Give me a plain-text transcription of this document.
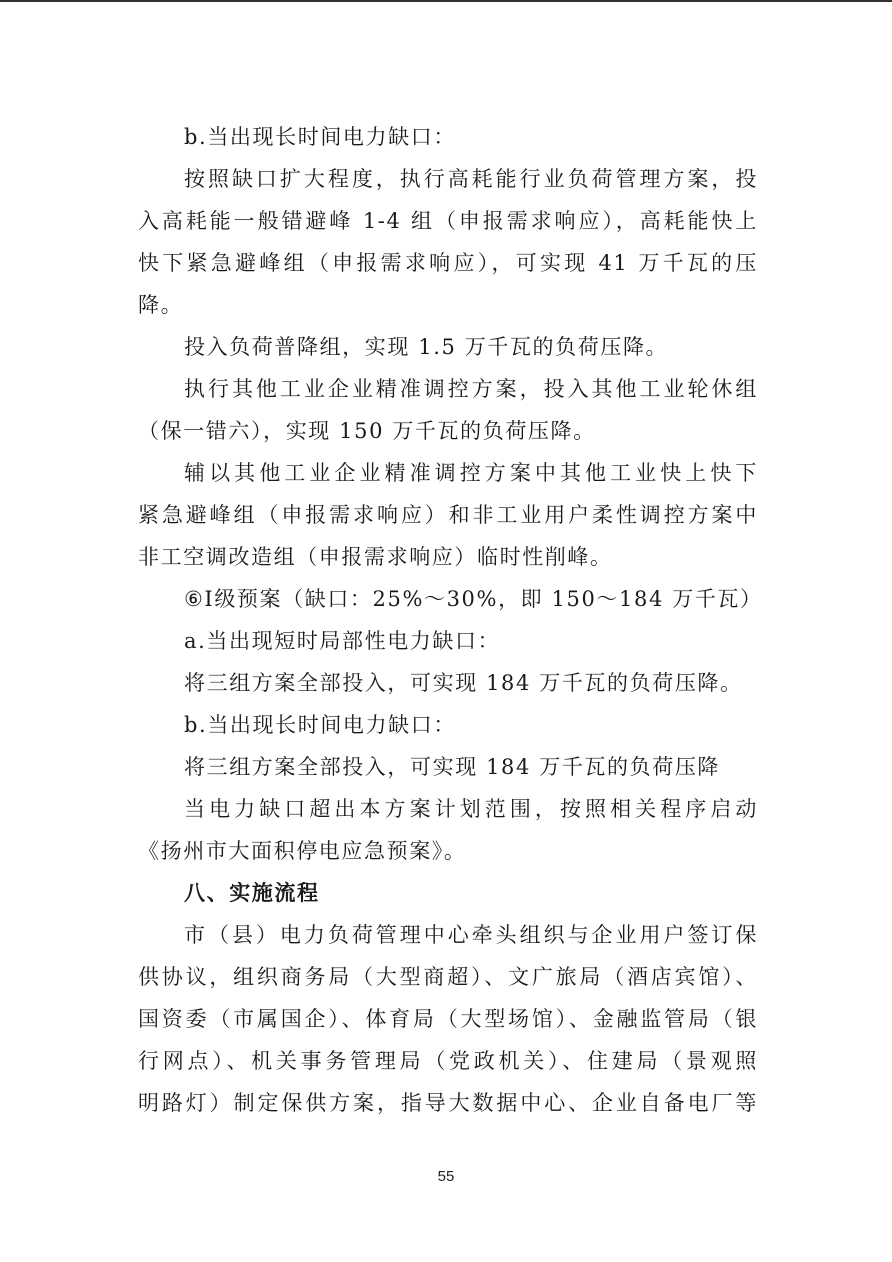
b.当出现长时间电力缺口：
按照缺口扩大程度，执行高耗能行业负荷管理方案，投
入高耗能一般错避峰 1-4 组（申报需求响应），高耗能快上
快下紧急避峰组（申报需求响应），可实现 41 万千瓦的压
降。
投入负荷普降组，实现 1.5 万千瓦的负荷压降。
执行其他工业企业精准调控方案，投入其他工业轮休组
（保一错六），实现 150 万千瓦的负荷压降。
辅以其他工业企业精准调控方案中其他工业快上快下
紧急避峰组（申报需求响应）和非工业用户柔性调控方案中
非工空调改造组（申报需求响应）临时性削峰。
⑥I级预案（缺口：25%～30%，即 150～184 万千瓦）
a.当出现短时局部性电力缺口：
将三组方案全部投入，可实现 184 万千瓦的负荷压降。
b.当出现长时间电力缺口：
将三组方案全部投入，可实现 184 万千瓦的负荷压降
当电力缺口超出本方案计划范围，按照相关程序启动
《扬州市大面积停电应急预案》。
八、实施流程
市（县）电力负荷管理中心牵头组织与企业用户签订保
供协议，组织商务局（大型商超）、文广旅局（酒店宾馆）、
国资委（市属国企）、体育局（大型场馆）、金融监管局（银
行网点）、机关事务管理局（党政机关）、住建局（景观照
明路灯）制定保供方案，指导大数据中心、企业自备电厂等
55
